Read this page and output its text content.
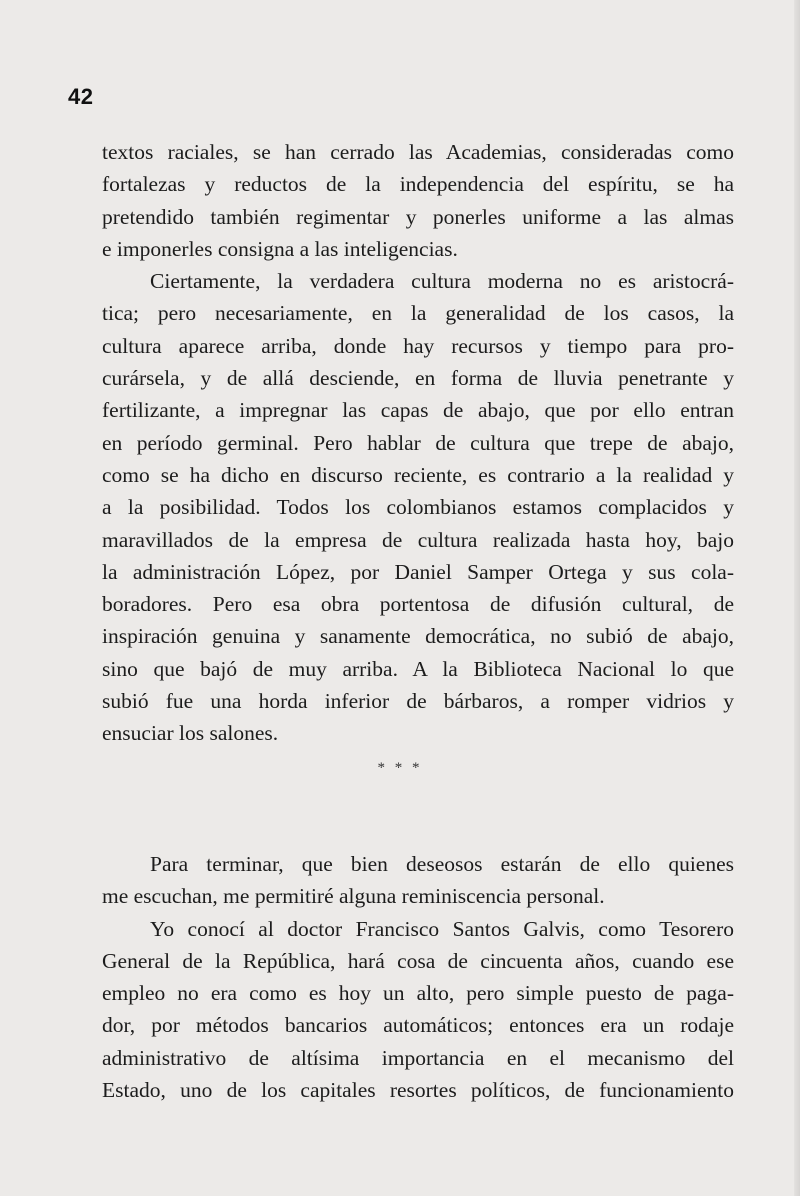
42
textos raciales, se han cerrado las Academias, consideradas como
fortalezas y reductos de la independencia del espíritu, se ha
pretendido también regimentar y ponerles uniforme a las almas
e imponerles consigna a las inteligencias.
Ciertamente, la verdadera cultura moderna no es aristocrá-
tica; pero necesariamente, en la generalidad de los casos, la
cultura aparece arriba, donde hay recursos y tiempo para pro-
curársela, y de allá desciende, en forma de lluvia penetrante y
fertilizante, a impregnar las capas de abajo, que por ello entran
en período germinal. Pero hablar de cultura que trepe de abajo,
como se ha dicho en discurso reciente, es contrario a la realidad y
a la posibilidad. Todos los colombianos estamos complacidos y
maravillados de la empresa de cultura realizada hasta hoy, bajo
la administración López, por Daniel Samper Ortega y sus cola-
boradores. Pero esa obra portentosa de difusión cultural, de
inspiración genuina y sanamente democrática, no subió de abajo,
sino que bajó de muy arriba. A la Biblioteca Nacional lo que
subió fue una horda inferior de bárbaros, a romper vidrios y
ensuciar los salones.
* * *
Para terminar, que bien deseosos estarán de ello quienes
me escuchan, me permitiré alguna reminiscencia personal.
Yo conocí al doctor Francisco Santos Galvis, como Tesorero
General de la República, hará cosa de cincuenta años, cuando ese
empleo no era como es hoy un alto, pero simple puesto de paga-
dor, por métodos bancarios automáticos; entonces era un rodaje
administrativo de altísima importancia en el mecanismo del
Estado, uno de los capitales resortes políticos, de funcionamiento
